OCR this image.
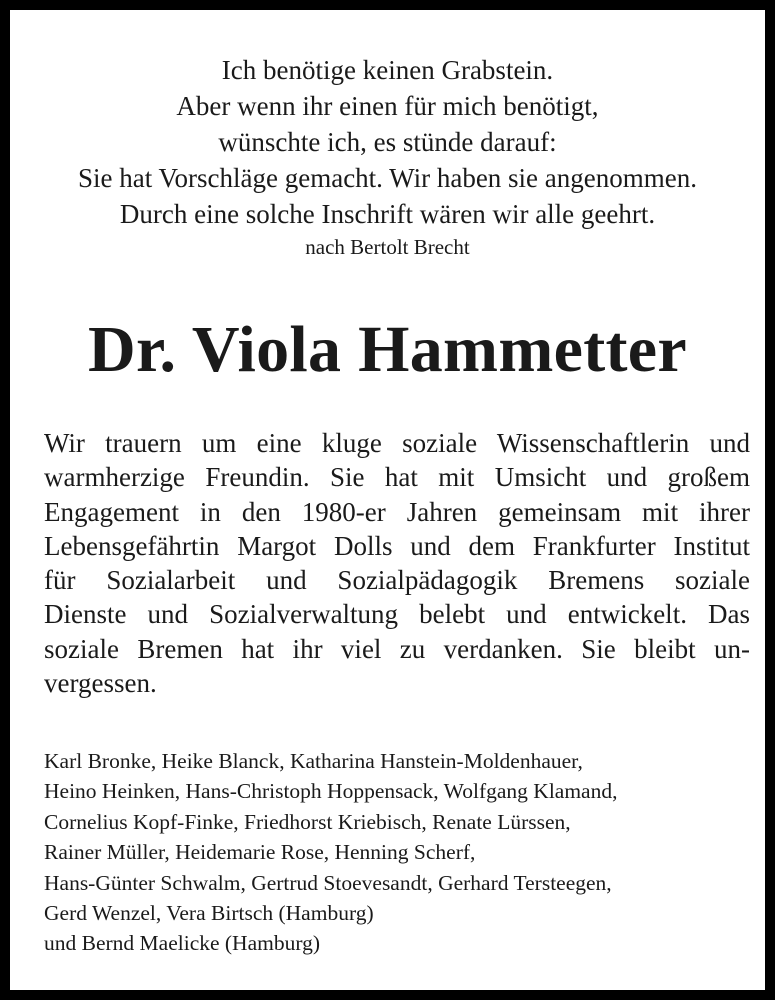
Ich benötige keinen Grabstein.
Aber wenn ihr einen für mich benötigt,
wünschte ich, es stünde darauf:
Sie hat Vorschläge gemacht. Wir haben sie angenommen.
Durch eine solche Inschrift wären wir alle geehrt.
nach Bertolt Brecht
Dr. Viola Hammetter
Wir trauern um eine kluge soziale Wissenschaftlerin und
warmherzige Freundin. Sie hat mit Umsicht und großem
Engagement in den 1980-er Jahren gemeinsam mit ihrer
Lebensgefährtin Margot Dolls und dem Frankfurter Institut
für Sozialarbeit und Sozialpädagogik Bremens soziale
Dienste und Sozialverwaltung belebt und entwickelt. Das
soziale Bremen hat ihr viel zu verdanken. Sie bleibt un-
vergessen.
Karl Bronke, Heike Blanck, Katharina Hanstein-Moldenhauer,
Heino Heinken, Hans-Christoph Hoppensack, Wolfgang Klamand,
Cornelius Kopf-Finke, Friedhorst Kriebisch, Renate Lürssen,
Rainer Müller, Heidemarie Rose, Henning Scherf,
Hans-Günter Schwalm, Gertrud Stoevesandt, Gerhard Tersteegen,
Gerd Wenzel, Vera Birtsch (Hamburg)
und Bernd Maelicke (Hamburg)
